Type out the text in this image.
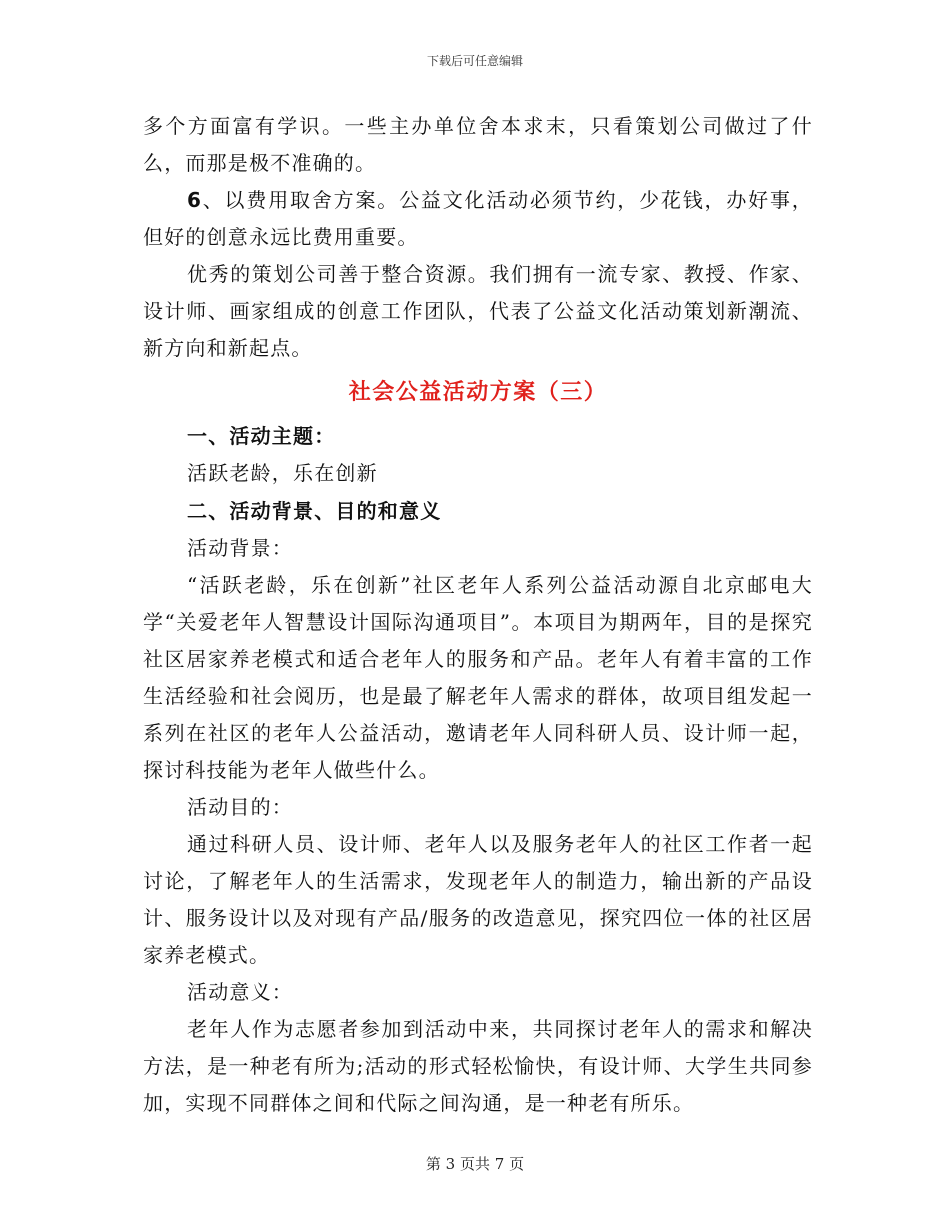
下载后可任意编辑

多个方面富有学识。一些主办单位舍本求末，只看策划公司做过了什么，而那是极不准确的。

6、以费用取舍方案。公益文化活动必须节约，少花钱，办好事，但好的创意永远比费用重要。

优秀的策划公司善于整合资源。我们拥有一流专家、教授、作家、设计师、画家组成的创意工作团队，代表了公益文化活动策划新潮流、新方向和新起点。

社会公益活动方案（三）

一、活动主题：

活跃老龄，乐在创新

二、活动背景、目的和意义

活动背景：

“活跃老龄，乐在创新”社区老年人系列公益活动源自北京邮电大学“关爱老年人智慧设计国际沟通项目”。本项目为期两年，目的是探究社区居家养老模式和适合老年人的服务和产品。老年人有着丰富的工作生活经验和社会阅历，也是最了解老年人需求的群体，故项目组发起一系列在社区的老年人公益活动，邀请老年人同科研人员、设计师一起，探讨科技能为老年人做些什么。

活动目的：

通过科研人员、设计师、老年人以及服务老年人的社区工作者一起讨论，了解老年人的生活需求，发现老年人的制造力，输出新的产品设计、服务设计以及对现有产品/服务的改造意见，探究四位一体的社区居家养老模式。

活动意义：

老年人作为志愿者参加到活动中来，共同探讨老年人的需求和解决方法，是一种老有所为;活动的形式轻松愉快，有设计师、大学生共同参加，实现不同群体之间和代际之间沟通，是一种老有所乐。

第 3 页共 7 页
